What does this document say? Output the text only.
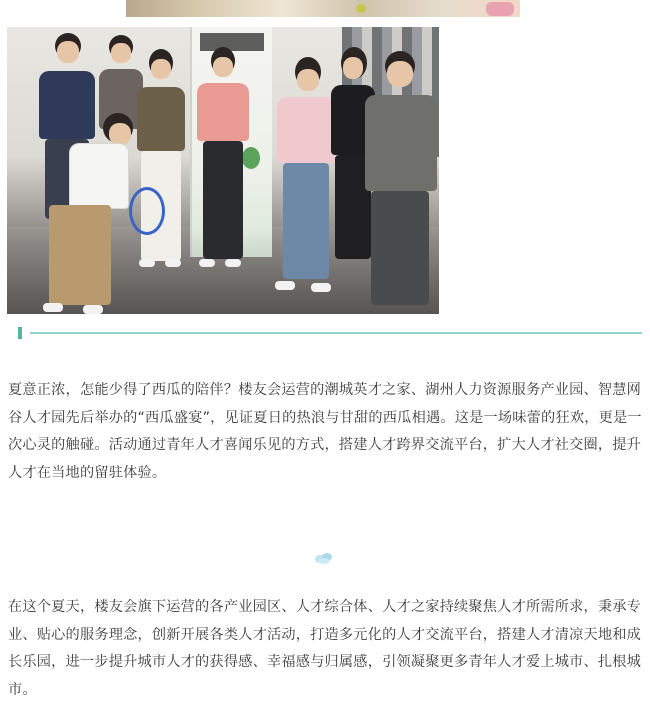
夏意正浓，怎能少得了西瓜的陪伴？楼友会运营的潮城英才之家、湖州人力资源服务产业园、智慧网谷人才园先后举办的“西瓜盛宴”，见证夏日的热浪与甘甜的西瓜相遇。这是一场味蕾的狂欢，更是一次心灵的触碰。活动通过青年人才喜闻乐见的方式，搭建人才跨界交流平台，扩大人才社交圈，提升人才在当地的留驻体验。

在这个夏天，楼友会旗下运营的各产业园区、人才综合体、人才之家持续聚焦人才所需所求，秉承专业、贴心的服务理念，创新开展各类人才活动，打造多元化的人才交流平台，搭建人才清凉天地和成长乐园，进一步提升城市人才的获得感、幸福感与归属感，引领凝聚更多青年人才爱上城市、扎根城市。
